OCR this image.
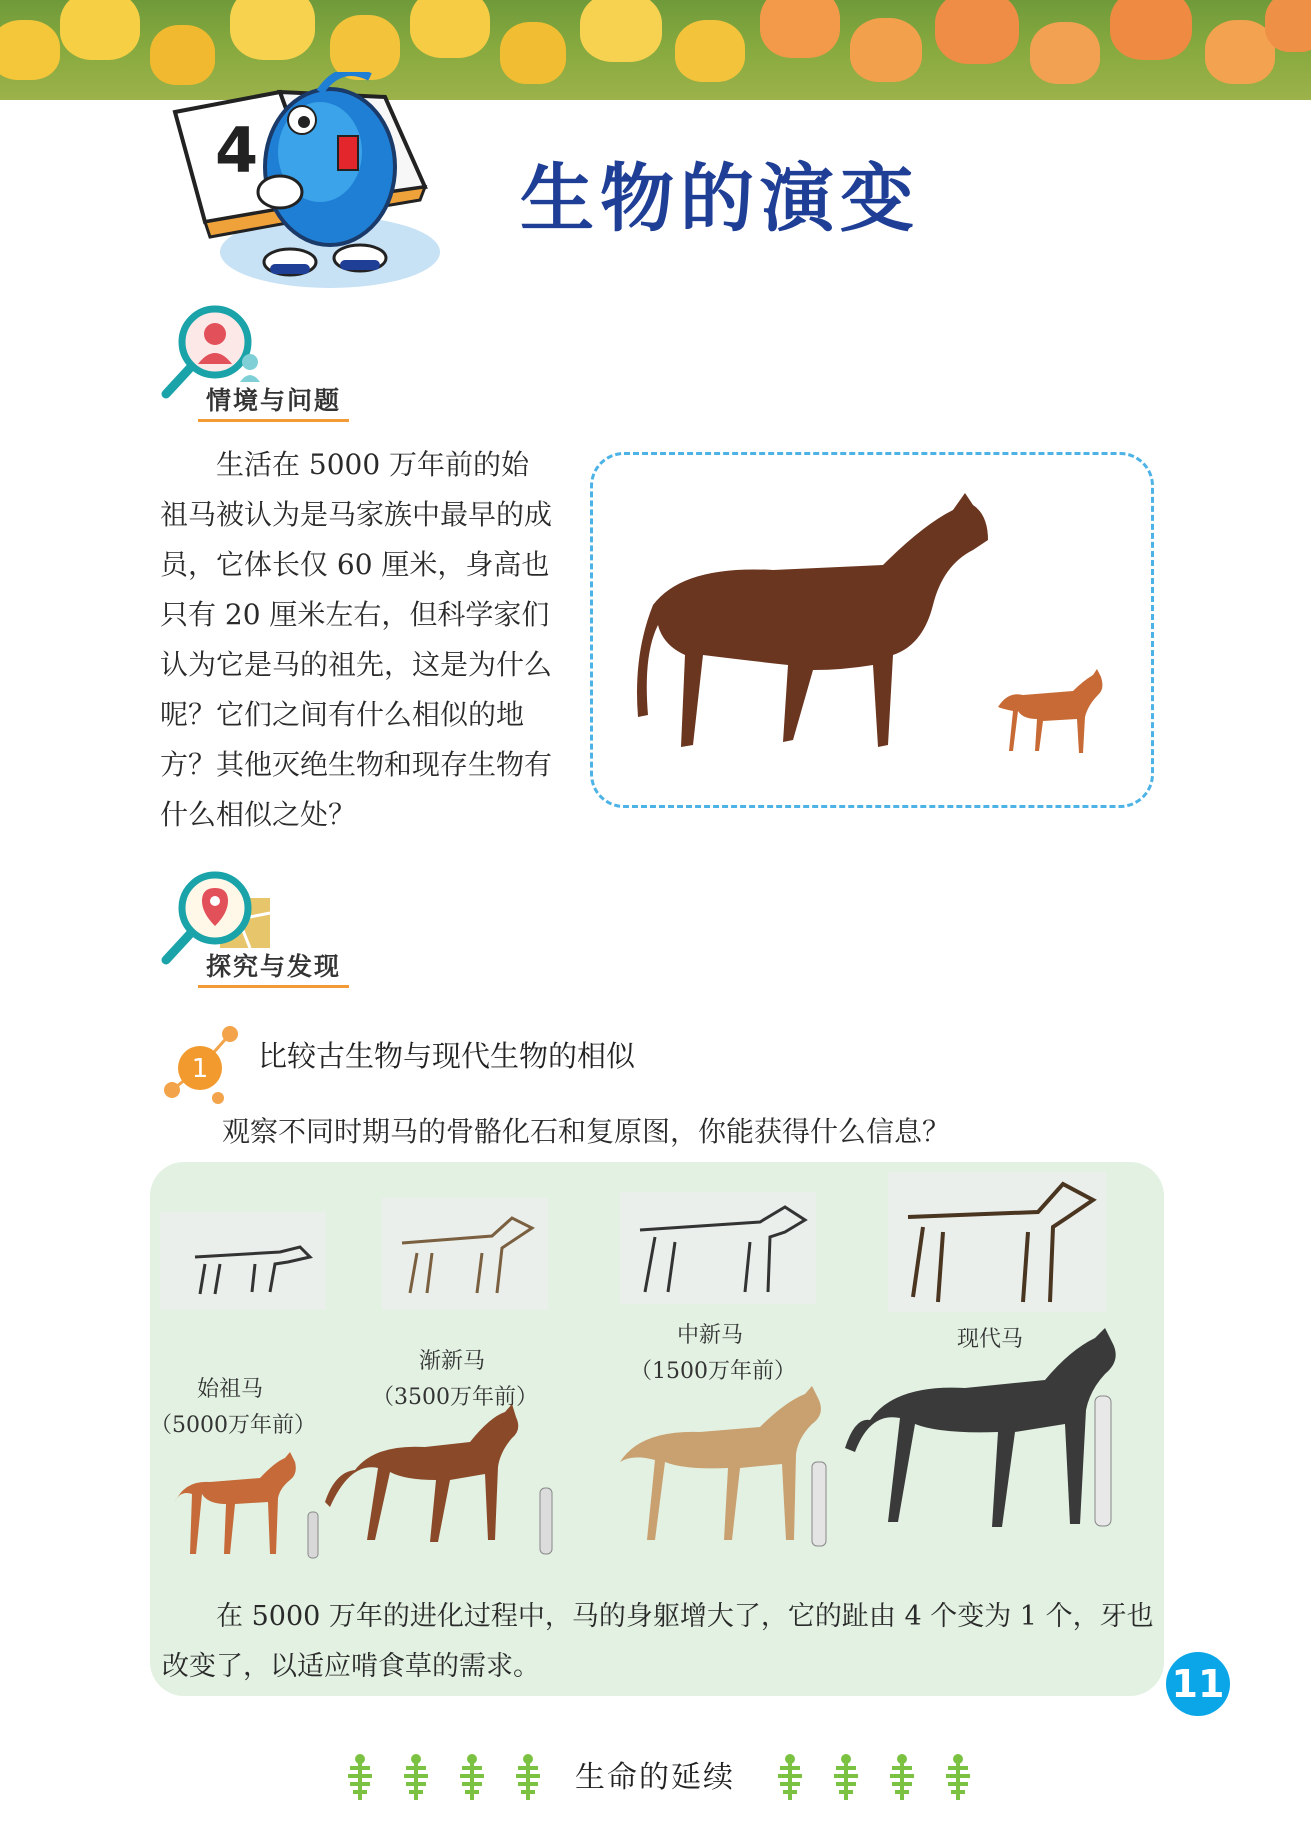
4
生物的演变
情境与问题

生活在 5000 万年前的始祖马被认为是马家族中最早的成员，它体长仅 60 厘米，身高也只有 20 厘米左右，但科学家们认为它是马的祖先，这是为什么呢？它们之间有什么相似的地方？其他灭绝生物和现存生物有什么相似之处？

探究与发现
1 比较古生物与现代生物的相似

观察不同时期马的骨骼化石和复原图，你能获得什么信息？

始祖马
（5000万年前）
渐新马
（3500万年前）
中新马
（1500万年前）
现代马

在 5000 万年的进化过程中，马的身躯增大了，它的趾由 4 个变为 1 个，牙也改变了，以适应啃食草的需求。	11
生命的延续
